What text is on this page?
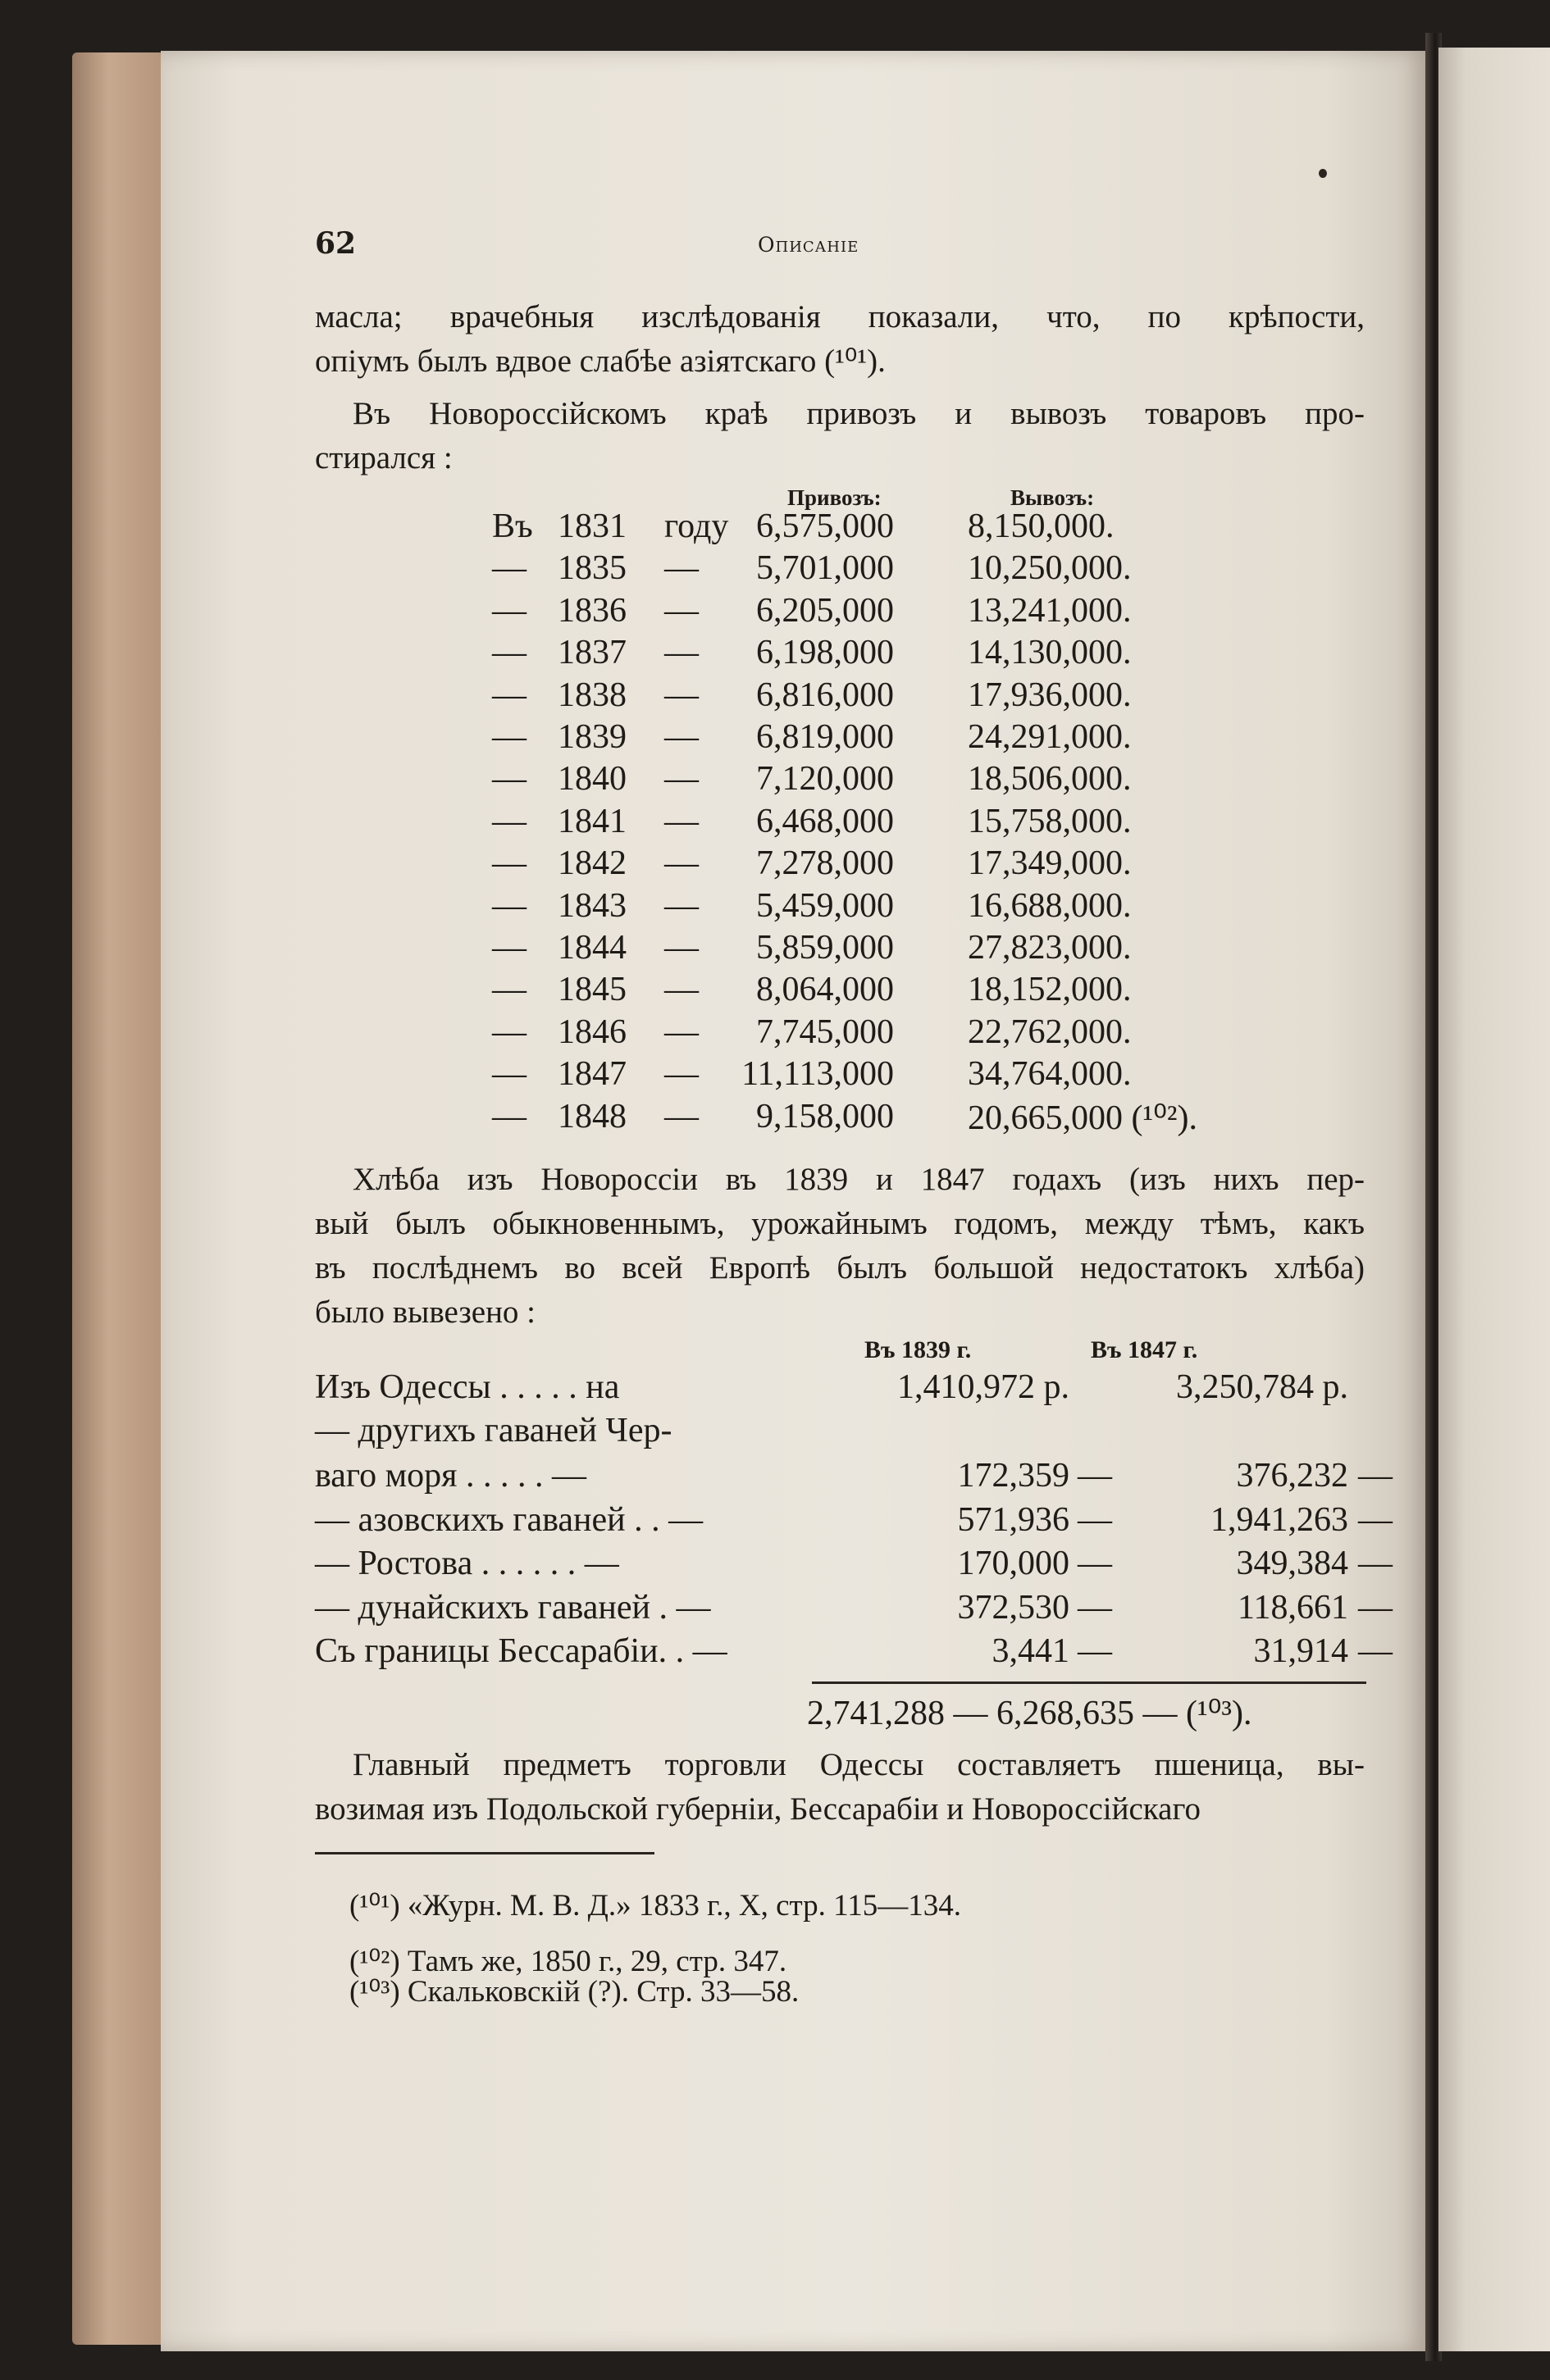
62	Описаніе
масла; врачебныя изслѣдованія показали, что, по крѣпости,
опіумъ былъ вдвое слабѣе азіятскаго (¹⁰¹).
Въ Новороссійскомъ краѣ привозъ и вывозъ товаровъ про-
стирался :
Привозъ:	Вывозъ:
Въ 1831 году 6,575,000 8,150,000.
— 1835 —	5,701,000 10,250,000.
— 1836 —	6,205,000 13,241,000.
— 1837 —	6,198,000 14,130,000.
— 1838 —	6,816,000 17,936,000.
— 1839 —	6,819,000 24,291,000.
— 1840 —	7,120,000 18,506,000.
— 1841 —	6,468,000 15,758,000.
— 1842 —	7,278,000 17,349,000.
— 1843 —	5,459,000 16,688,000.
— 1844 —	5,859,000 27,823,000.
— 1845 —	8,064,000 18,152,000.
— 1846 —	7,745,000 22,762,000.
— 1847 —	11,113,000 34,764,000.
— 1848 —	9,158,000 20,665,000 (¹⁰²).
Хлѣба изъ Новороссіи въ 1839 и 1847 годахъ (изъ нихъ пер-
вый былъ обыкновеннымъ, урожайнымъ годомъ, между тѣмъ, какъ
въ послѣднемъ во всей Европѣ былъ большой недостатокъ хлѣба)
было вывезено :
Въ 1839 г.	Въ 1847 г.
Изъ Одессы . . . . . на	1,410,972 р.	3,250,784 р.
— другихъ гаваней Чер-
ваго моря . . . . . —	172,359 —	376,232 —
— азовскихъ гаваней . . —	571,936 —	1,941,263 —
— Ростова . . . . . . —	170,000 —	349,384 —
— дунайскихъ гаваней . —	372,530 —	118,661 —
Съ границы Бессарабіи. . —	3,441 —	31,914 —
2,741,288 — 6,268,635 — (¹⁰³).
Главный предметъ торговли Одессы составляетъ пшеница, вы-
возимая изъ Подольской губерніи, Бессарабіи и Новороссійскаго
(¹⁰¹) «Журн. М. В. Д.» 1833 г., X, стр. 115—134.
(¹⁰²) Тамъ же, 1850 г., 29, стр. 347.
(¹⁰³) Скальковскій (?). Стр. 33—58.
